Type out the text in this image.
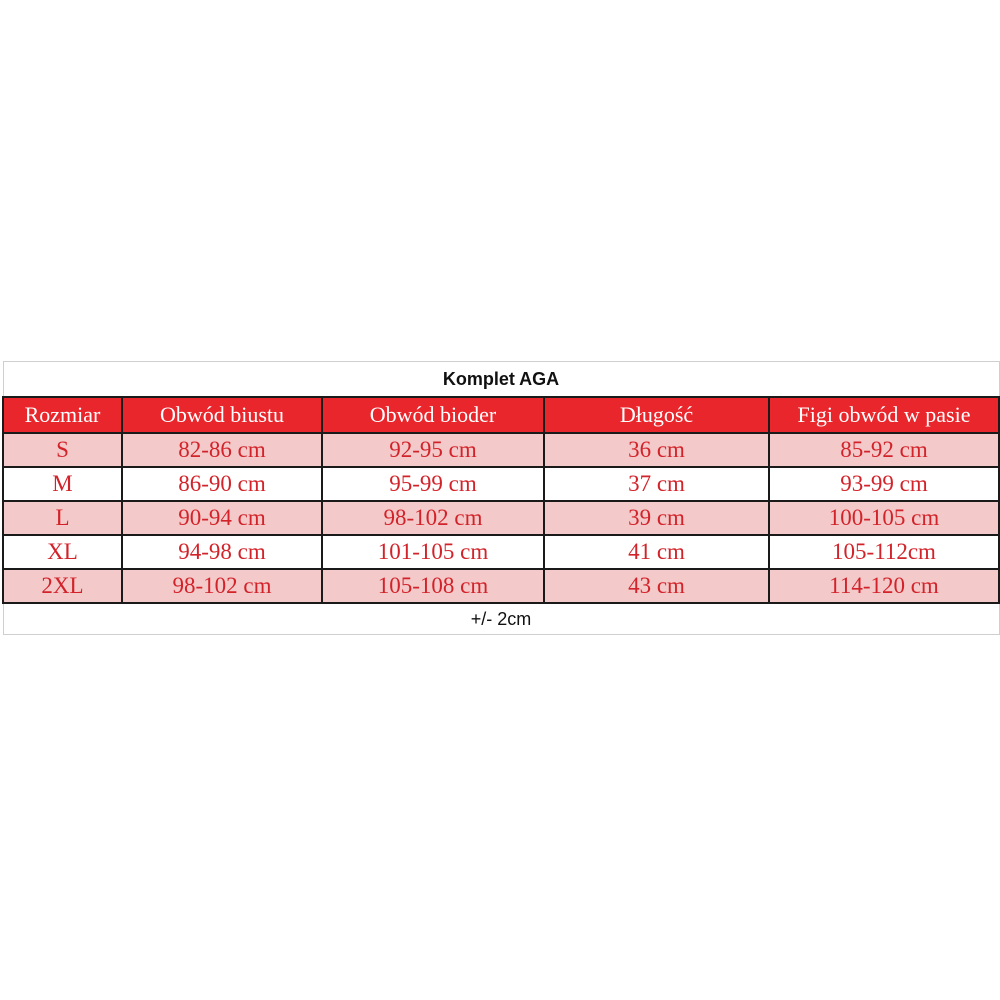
Komplet AGA				
Rozmiar	Obwód biustu	Obwód bioder	Długość	Figi obwód w pasie
S	82-86 cm	92-95 cm	36 cm	85-92 cm
M	86-90 cm	95-99 cm	37 cm	93-99 cm
L	90-94 cm	98-102 cm	39 cm	100-105 cm
XL	94-98 cm	101-105 cm	41 cm	105-112cm
2XL	98-102 cm	105-108 cm	43 cm	114-120 cm
+/- 2cm				
